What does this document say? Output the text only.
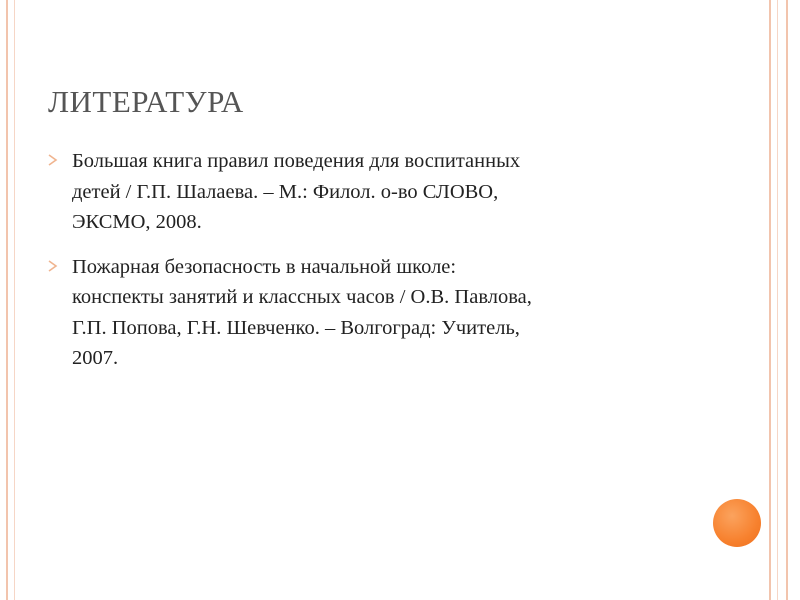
ЛИТЕРАТУРА
Большая книга правил поведения для воспитанных
детей / Г.П. Шалаева. – М.: Филол. о-во СЛОВО,
ЭКСМО, 2008.
Пожарная безопасность в начальной школе:
конспекты занятий и классных часов / О.В. Павлова,
Г.П. Попова, Г.Н. Шевченко. – Волгоград: Учитель,
2007.
